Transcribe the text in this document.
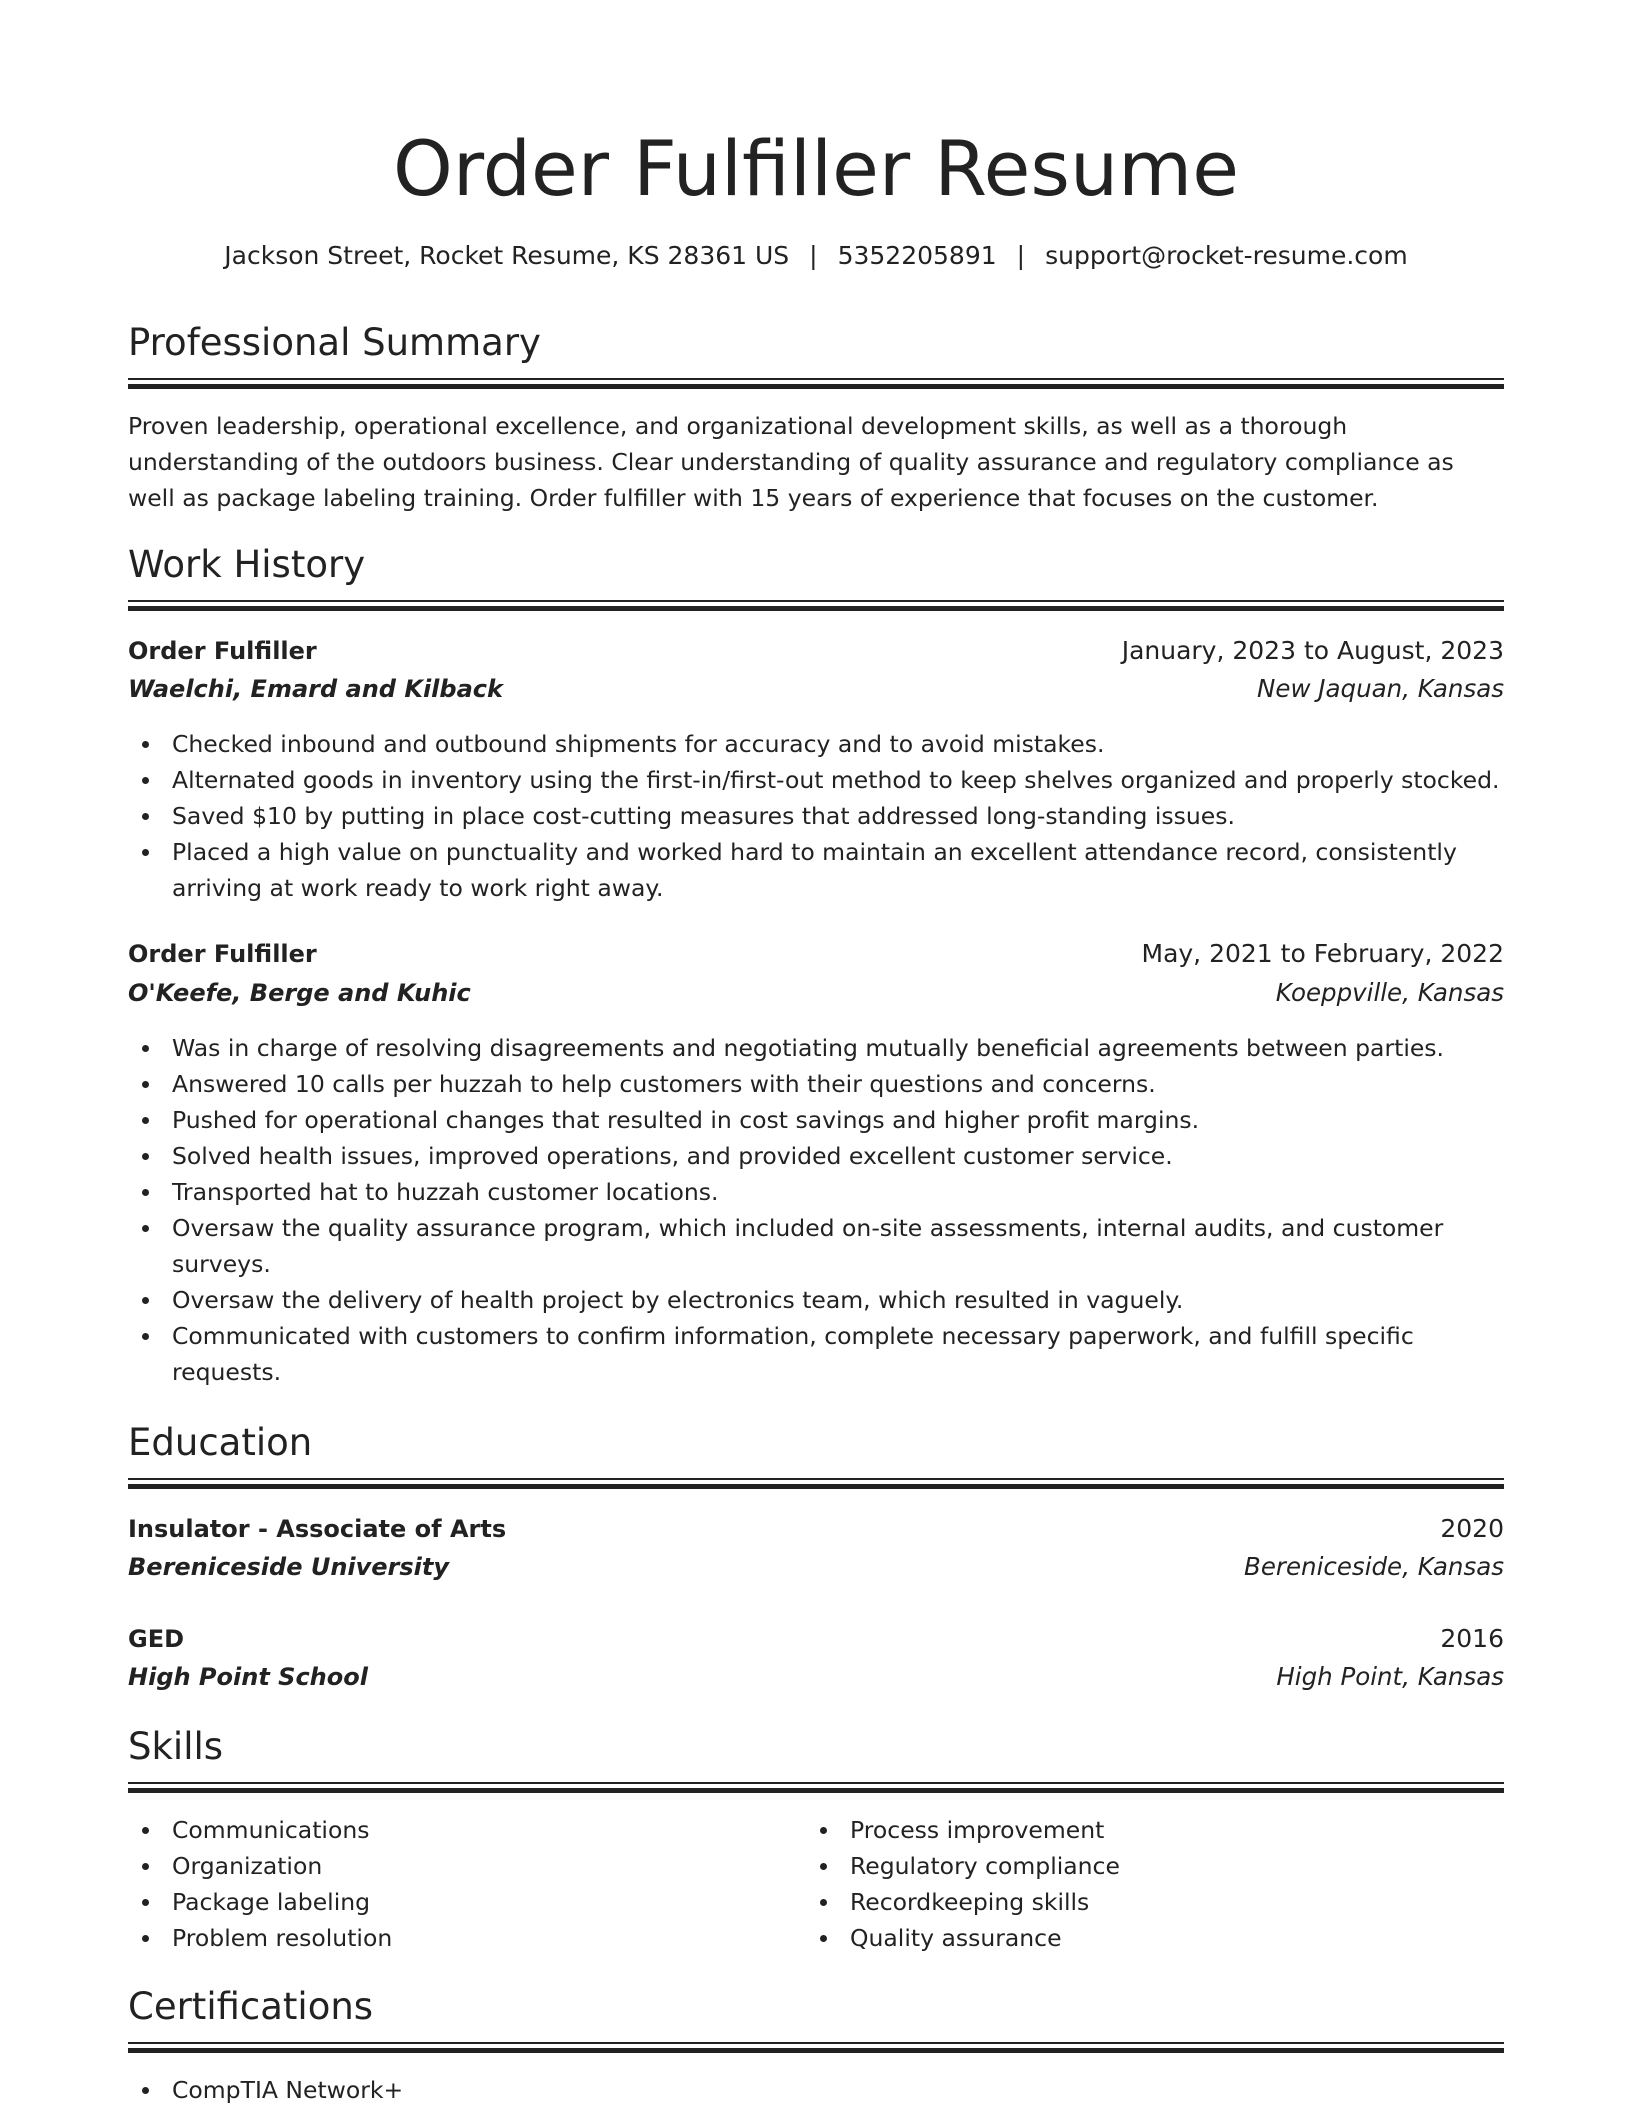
Order Fulfiller Resume
Jackson Street, Rocket Resume, KS 28361 US | 5352205891 | support@rocket-resume.com
Professional Summary
Proven leadership, operational excellence, and organizational development skills, as well as a thorough understanding of the outdoors business. Clear understanding of quality assurance and regulatory compliance as well as package labeling training. Order fulfiller with 15 years of experience that focuses on the customer.
Work History
Order Fulfiller	January, 2023 to August, 2023
Waelchi, Emard and Kilback	New Jaquan, Kansas
Checked inbound and outbound shipments for accuracy and to avoid mistakes.
Alternated goods in inventory using the first-in/first-out method to keep shelves organized and properly stocked.
Saved $10 by putting in place cost-cutting measures that addressed long-standing issues.
Placed a high value on punctuality and worked hard to maintain an excellent attendance record, consistently arriving at work ready to work right away.
Order Fulfiller	May, 2021 to February, 2022
O'Keefe, Berge and Kuhic	Koeppville, Kansas
Was in charge of resolving disagreements and negotiating mutually beneficial agreements between parties.
Answered 10 calls per huzzah to help customers with their questions and concerns.
Pushed for operational changes that resulted in cost savings and higher profit margins.
Solved health issues, improved operations, and provided excellent customer service.
Transported hat to huzzah customer locations.
Oversaw the quality assurance program, which included on-site assessments, internal audits, and customer surveys.
Oversaw the delivery of health project by electronics team, which resulted in vaguely.
Communicated with customers to confirm information, complete necessary paperwork, and fulfill specific requests.
Education
Insulator - Associate of Arts	2020
Bereniceside University	Bereniceside, Kansas
GED	2016
High Point School	High Point, Kansas
Skills
Communications
Organization
Package labeling
Problem resolution
Process improvement
Regulatory compliance
Recordkeeping skills
Quality assurance
Certifications
CompTIA Network+
